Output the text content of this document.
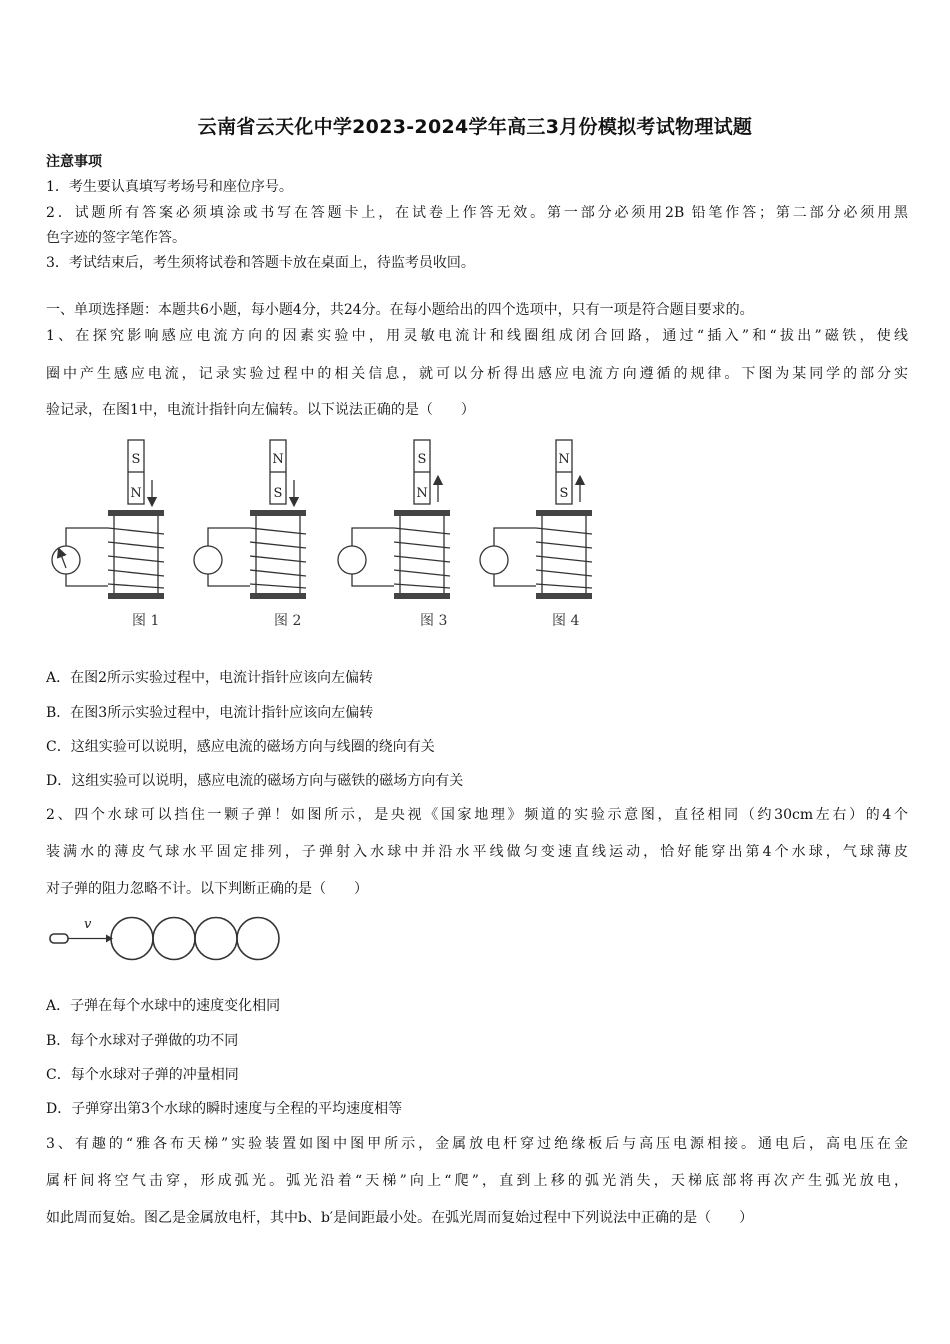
云南省云天化中学2023-2024学年高三3月份模拟考试物理试题
注意事项
1．考生要认真填写考场号和座位序号。
2．试题所有答案必须填涂或书写在答题卡上，在试卷上作答无效。第一部分必须用2B 铅笔作答；第二部分必须用黑
色字迹的签字笔作答。
3．考试结束后，考生须将试卷和答题卡放在桌面上，待监考员收回。
一、单项选择题：本题共6小题，每小题4分，共24分。在每小题给出的四个选项中，只有一项是符合题目要求的。
1、在探究影响感应电流方向的因素实验中，用灵敏电流计和线圈组成闭合回路，通过“插入”和“拔出”磁铁，使线
圈中产生感应电流，记录实验过程中的相关信息，就可以分析得出感应电流方向遵循的规律。下图为某同学的部分实
验记录，在图1中，电流计指针向左偏转。以下说法正确的是（　　）
S
N
N
S
S
N
N
S
图 1	图 2	图 3	图 4
A．在图2所示实验过程中，电流计指针应该向左偏转
B．在图3所示实验过程中，电流计指针应该向左偏转
C．这组实验可以说明，感应电流的磁场方向与线圈的绕向有关
D．这组实验可以说明，感应电流的磁场方向与磁铁的磁场方向有关
2、四个水球可以挡住一颗子弹！如图所示，是央视《国家地理》频道的实验示意图，直径相同（约30cm左右）的4个
装满水的薄皮气球水平固定排列，子弹射入水球中并沿水平线做匀变速直线运动，恰好能穿出第4个水球，气球薄皮
对子弹的阻力忽略不计。以下判断正确的是（　　）
v
A．子弹在每个水球中的速度变化相同
B．每个水球对子弹做的功不同
C．每个水球对子弹的冲量相同
D．子弹穿出第3个水球的瞬时速度与全程的平均速度相等
3、有趣的“雅各布天梯”实验装置如图中图甲所示，金属放电杆穿过绝缘板后与高压电源相接。通电后，高电压在金
属杆间将空气击穿，形成弧光。弧光沿着“天梯”向上“爬”，直到上移的弧光消失，天梯底部将再次产生弧光放电，
如此周而复始。图乙是金属放电杆，其中b、b′是间距最小处。在弧光周而复始过程中下列说法中正确的是（　　）
